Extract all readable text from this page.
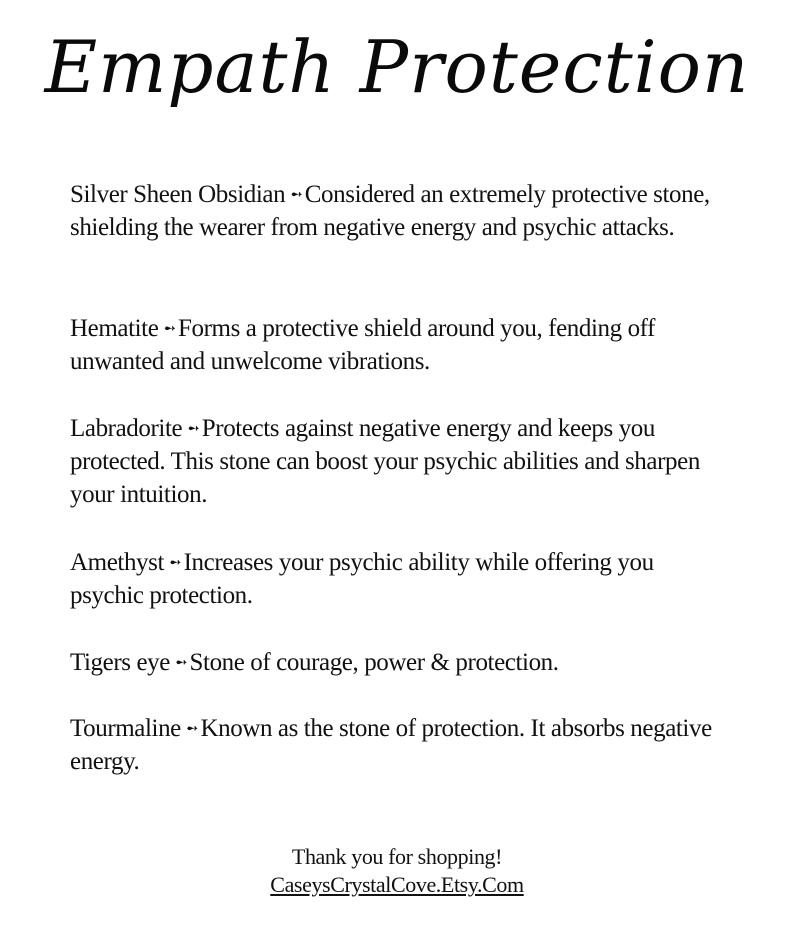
Empath Protection

Silver Sheen Obsidian ➻ Considered an extremely protective stone, shielding the wearer from negative energy and psychic attacks.

Hematite ➻ Forms a protective shield around you, fending off unwanted and unwelcome vibrations.

Labradorite ➻ Protects against negative energy and keeps you protected. This stone can boost your psychic abilities and sharpen your intuition.

Amethyst ➻ Increases your psychic ability while offering you psychic protection.

Tigers eye ➻ Stone of courage, power & protection.

Tourmaline ➻ Known as the stone of protection. It absorbs negative energy.

Thank you for shopping!
CaseysCrystalCove.Etsy.Com
